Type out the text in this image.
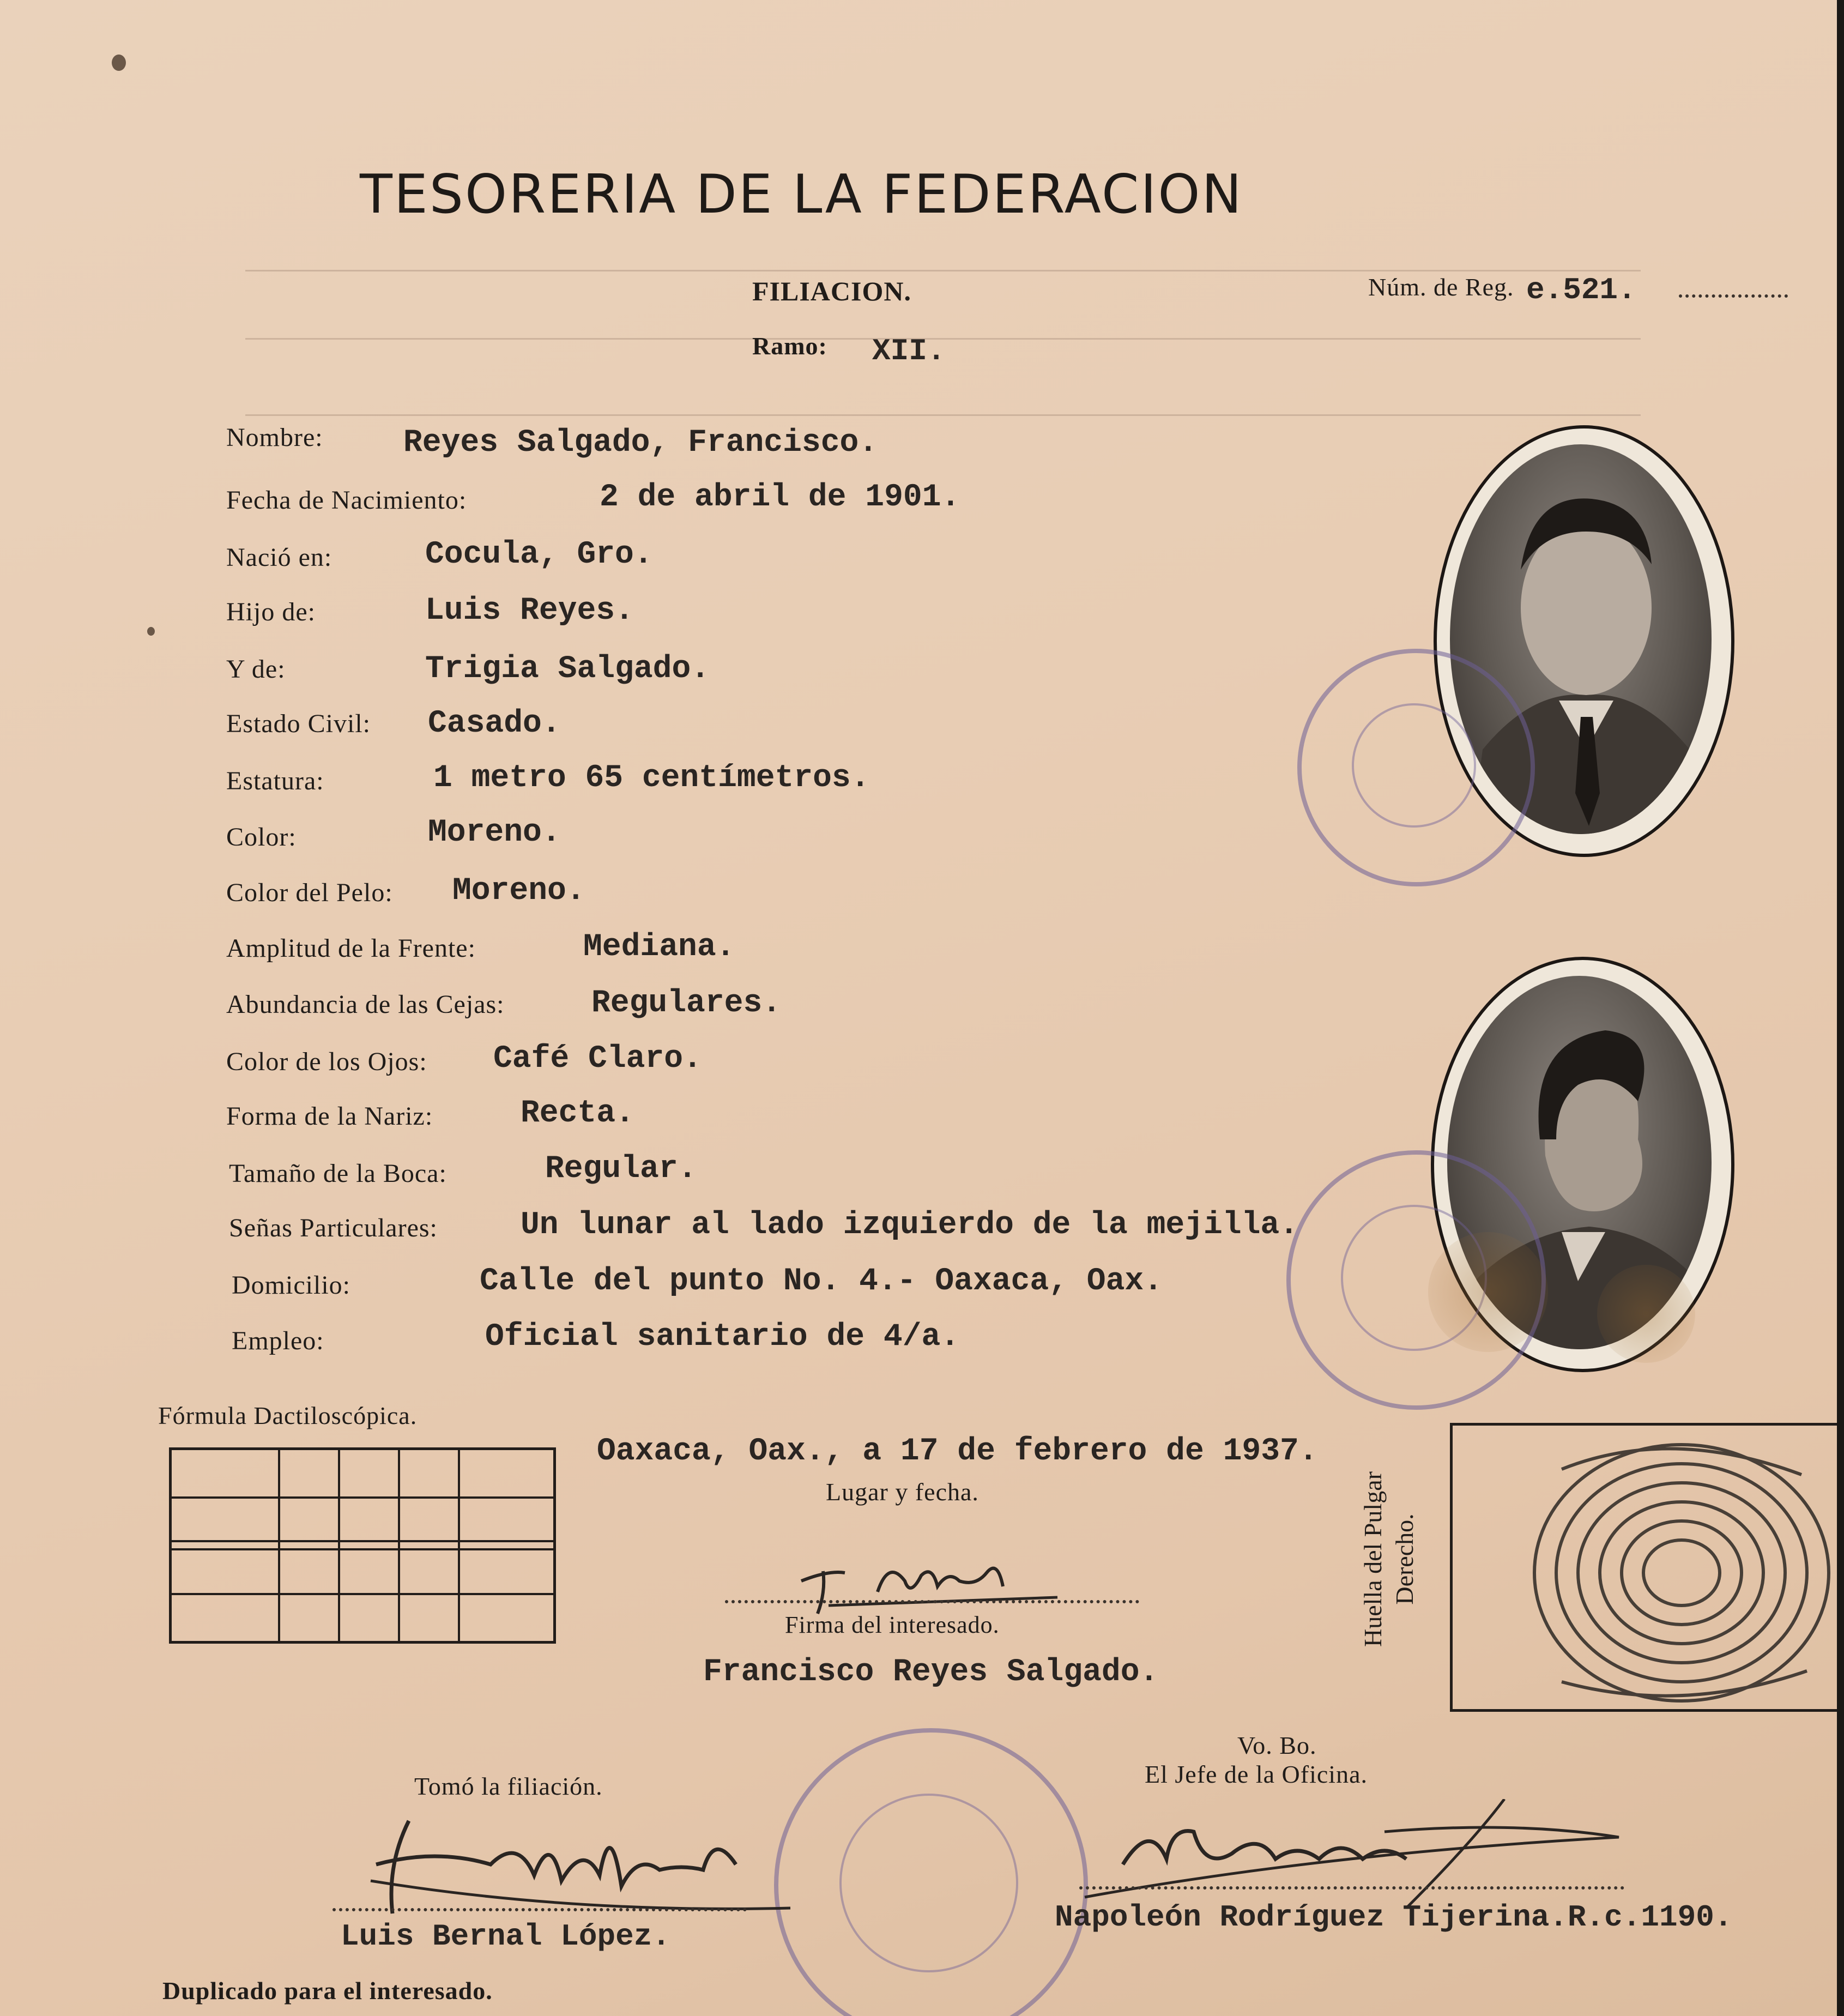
TESORERIA DE LA FEDERACION
FILIACION.	Núm. de Reg. e.521.
Ramo: XII.
Nombre:	Reyes Salgado, Francisco.
Fecha de Nacimiento:	2 de abril de 1901.
Nació en:	Cocula, Gro.
Hijo de:	Luis Reyes.
Y de:	Trigia Salgado.
Estado Civil: Casado.
Estatura:	1 metro 65 centímetros.
Color:	Moreno.
Color del Pelo: Moreno.
Amplitud de la Frente:	Mediana.
Abundancia de las Cejas:	Regulares.
Color de los Ojos: Café Claro.
Forma de la Nariz:	Recta.
Tamaño de la Boca:	Regular.
Señas Particulares:	Un lunar al lado izquierdo de la mejilla.
Domicilio:	Calle del punto No. 4.- Oaxaca, Oax.
Empleo:	Oficial sanitario de 4/a.
Fórmula Dactiloscópica.
Oaxaca, Oax., a 17 de febrero de 1937.
Lugar y fecha.
Firma del interesado.
Francisco Reyes Salgado.
Huella del Pulgar Derecho.
Tomó la filiación.
Luis Bernal López.
Vo. Bo.
El Jefe de la Oficina.
Napoleón Rodríguez Tijerina.R.c.1190.
Duplicado para el interesado.
